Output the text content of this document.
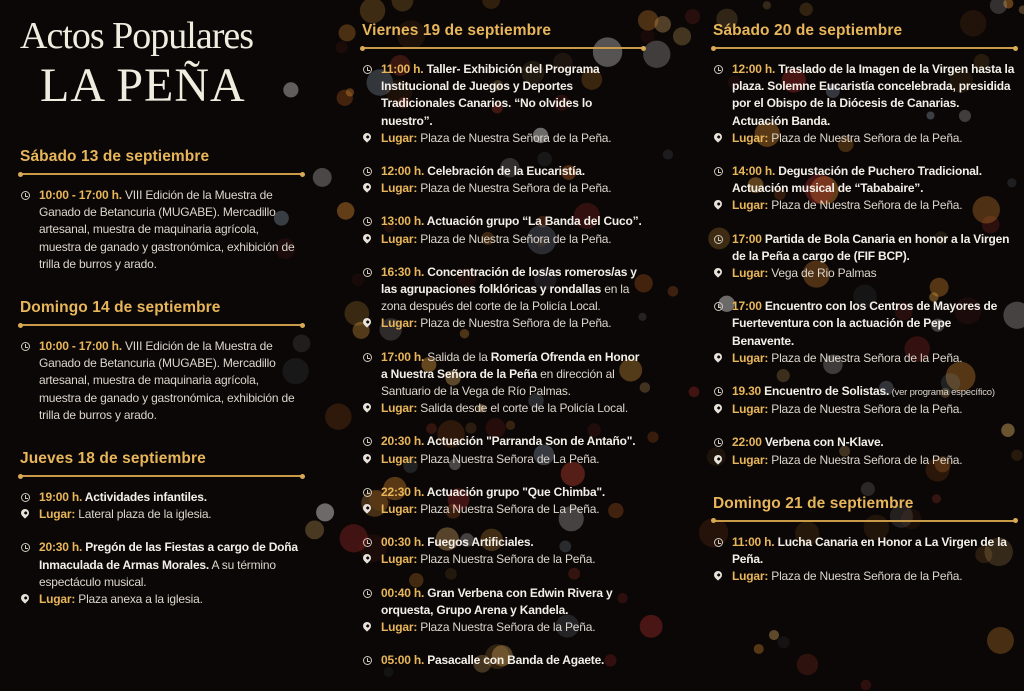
Actos Populares
LA PEÑA
Sábado 13 de septiembre
10:00 - 17:00 h. VIII Edición de la Muestra de Ganado de Betancuria (MUGABE). Mercadillo artesanal, muestra de maquinaria agrícola, muestra de ganado y gastronómica, exhibición de trilla de burros y arado.
Domingo 14 de septiembre
10:00 - 17:00 h. VIII Edición de la Muestra de Ganado de Betancuria (MUGABE). Mercadillo artesanal, muestra de maquinaria agrícola, muestra de ganado y gastronómica, exhibición de trilla de burros y arado.
Jueves 18 de septiembre
19:00 h. Actividades infantiles.
Lugar: Lateral plaza de la iglesia.
20:30 h. Pregón de las Fiestas a cargo de Doña Inmaculada de Armas Morales. A su término espectáculo musical.
Lugar: Plaza anexa a la iglesia.
Viernes 19 de septiembre
11:00 h. Taller- Exhibición del Programa Institucional de Juegos y Deportes Tradicionales Canarios. “No olvides lo nuestro”.
Lugar: Plaza de Nuestra Señora de la Peña.
12:00 h. Celebración de la Eucaristía.
Lugar: Plaza de Nuestra Señora de la Peña.
13:00 h. Actuación grupo “La Banda del Cuco”.
Lugar: Plaza de Nuestra Señora de la Peña.
16:30 h. Concentración de los/as romeros/as y las agrupaciones folklóricas y rondallas en la zona después del corte de la Policía Local.
Lugar: Plaza de Nuestra Señora de la Peña.
17:00 h. Salida de la Romería Ofrenda en Honor a Nuestra Señora de la Peña en dirección al Santuario de la Vega de Río Palmas.
Lugar: Salida desde el corte de la Policía Local.
20:30 h. Actuación "Parranda Son de Antaño".
Lugar: Plaza Nuestra Señora de La Peña.
22:30 h. Actuación grupo "Que Chimba".
Lugar: Plaza Nuestra Señora de La Peña.
00:30 h. Fuegos Artificiales.
Lugar: Plaza Nuestra Señora de la Peña.
00:40 h. Gran Verbena con Edwin Rivera y orquesta, Grupo Arena y Kandela.
Lugar: Plaza Nuestra Señora de la Peña.
05:00 h. Pasacalle con Banda de Agaete.
Sábado 20 de septiembre
12:00 h. Traslado de la Imagen de la Virgen hasta la plaza. Solemne Eucaristía concelebrada, presidida por el Obispo de la Diócesis de Canarias. Actuación Banda.
Lugar: Plaza de Nuestra Señora de la Peña.
14:00 h. Degustación de Puchero Tradicional. Actuación musical de “Tababaire”.
Lugar: Plaza de Nuestra Señora de la Peña.
17:00 Partida de Bola Canaria en honor a la Virgen de la Peña a cargo de (FIF BCP).
Lugar: Vega de Rio Palmas
17:00 Encuentro con los Centros de Mayores de Fuerteventura con la actuación de Pepe Benavente.
Lugar: Plaza de Nuestra Señora de la Peña.
19.30 Encuentro de Solistas. (ver programa específico)
Lugar: Plaza de Nuestra Señora de la Peña.
22:00 Verbena con N-Klave.
Lugar: Plaza de Nuestra Señora de la Peña.
Domingo 21 de septiembre
11:00 h. Lucha Canaria en Honor a La Virgen de la Peña.
Lugar: Plaza de Nuestra Señora de la Peña.
